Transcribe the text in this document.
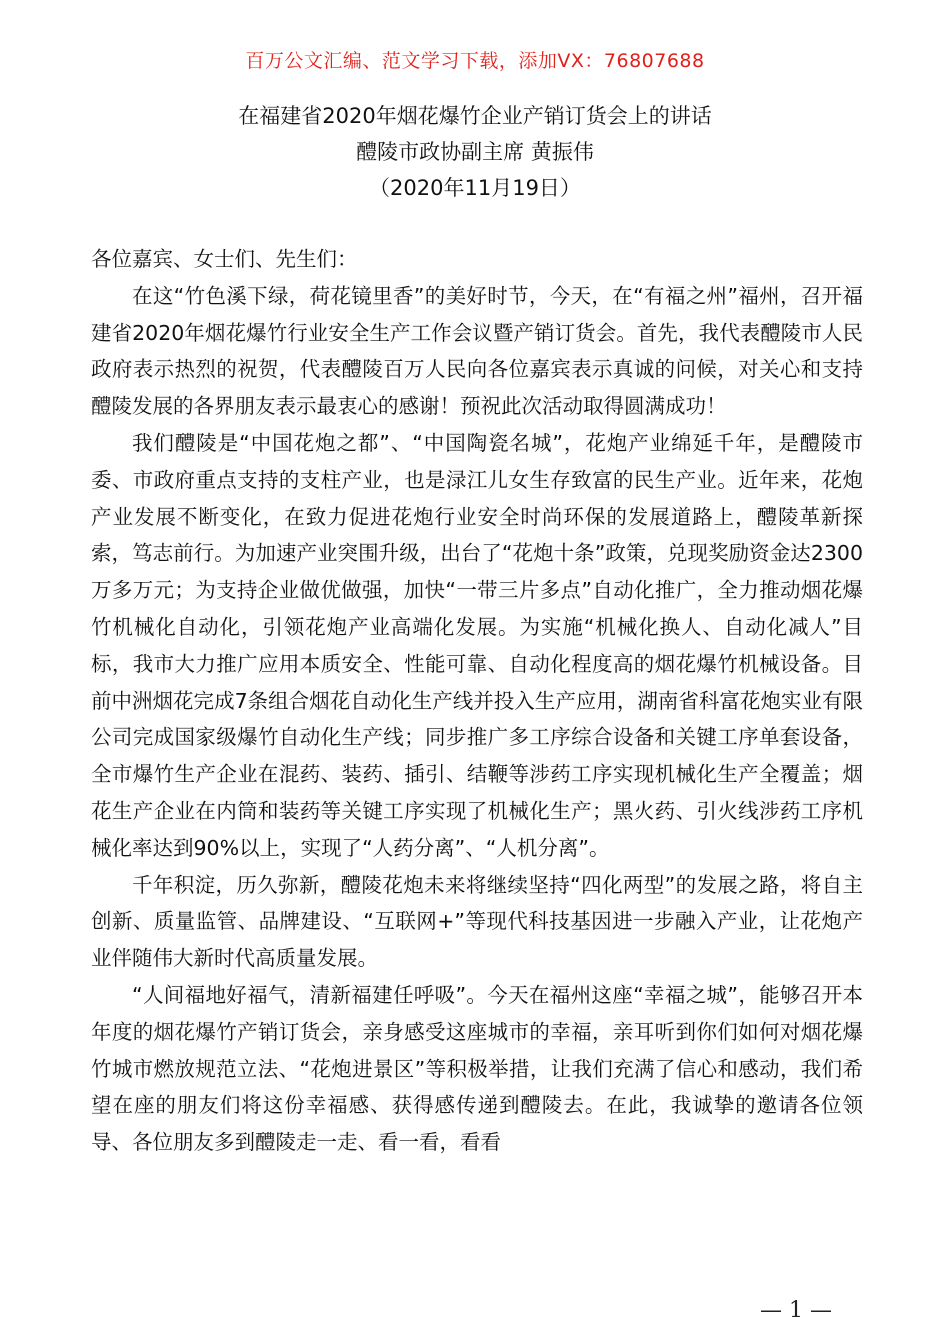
百万公文汇编、范文学习下载，添加VX：76807688
在福建省2020年烟花爆竹企业产销订货会上的讲话
醴陵市政协副主席 黄振伟
（2020年11月19日）

各位嘉宾、女士们、先生们：

在这“竹色溪下绿，荷花镜里香”的美好时节，今天，在“有福之州”福州，召开福建省2020年烟花爆竹行业安全生产工作会议暨产销订货会。首先，我代表醴陵市人民政府表示热烈的祝贺，代表醴陵百万人民向各位嘉宾表示真诚的问候，对关心和支持醴陵发展的各界朋友表示最衷心的感谢！预祝此次活动取得圆满成功！

我们醴陵是“中国花炮之都”、“中国陶瓷名城”，花炮产业绵延千年，是醴陵市委、市政府重点支持的支柱产业，也是渌江儿女生存致富的民生产业。近年来，花炮产业发展不断变化，在致力促进花炮行业安全时尚环保的发展道路上，醴陵革新探索，笃志前行。为加速产业突围升级，出台了“花炮十条”政策，兑现奖励资金达2300万多万元；为支持企业做优做强，加快“一带三片多点”自动化推广，全力推动烟花爆竹机械化自动化，引领花炮产业高端化发展。为实施“机械化换人、自动化减人”目标，我市大力推广应用本质安全、性能可靠、自动化程度高的烟花爆竹机械设备。目前中洲烟花完成7条组合烟花自动化生产线并投入生产应用，湖南省科富花炮实业有限公司完成国家级爆竹自动化生产线；同步推广多工序综合设备和关键工序单套设备，全市爆竹生产企业在混药、装药、插引、结鞭等涉药工序实现机械化生产全覆盖；烟花生产企业在内筒和装药等关键工序实现了机械化生产；黑火药、引火线涉药工序机械化率达到90%以上，实现了“人药分离”、“人机分离”。

千年积淀，历久弥新，醴陵花炮未来将继续坚持“四化两型”的发展之路，将自主创新、质量监管、品牌建设、“互联网+”等现代科技基因进一步融入产业，让花炮产业伴随伟大新时代高质量发展。

“人间福地好福气，清新福建任呼吸”。今天在福州这座“幸福之城”，能够召开本年度的烟花爆竹产销订货会，亲身感受这座城市的幸福，亲耳听到你们如何对烟花爆竹城市燃放规范立法、“花炮进景区”等积极举措，让我们充满了信心和感动，我们希望在座的朋友们将这份幸福感、获得感传递到醴陵去。在此，我诚挚的邀请各位领导、各位朋友多到醴陵走一走、看一看，看看

— 1 —
